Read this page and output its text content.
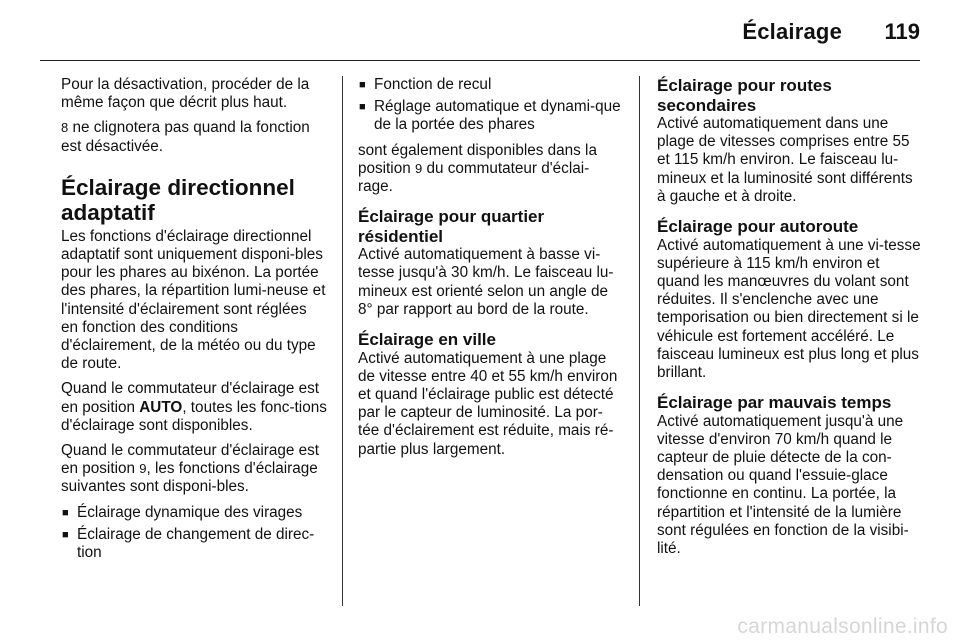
Éclairage 119

Pour la désactivation, procéder de la même façon que décrit plus haut.

8 ne clignotera pas quand la fonction est désactivée.

Éclairage directionnel adaptatif

Les fonctions d'éclairage directionnel adaptatif sont uniquement disponi-bles pour les phares au bixénon. La portée des phares, la répartition lumi-neuse et l'intensité d'éclairement sont réglées en fonction des conditions d'éclairement, de la météo ou du type de route.

Quand le commutateur d'éclairage est en position AUTO, toutes les fonc-tions d'éclairage sont disponibles.

Quand le commutateur d'éclairage est en position 9, les fonctions d'éclairage suivantes sont disponi-bles.

■ Éclairage dynamique des virages
■ Éclairage de changement de direc-tion
■ Fonction de recul
■ Réglage automatique et dynami-que de la portée des phares

sont également disponibles dans la position 9 du commutateur d'éclai-rage.

Éclairage pour quartier résidentiel

Activé automatiquement à basse vi-tesse jusqu'à 30 km/h. Le faisceau lu-mineux est orienté selon un angle de 8° par rapport au bord de la route.

Éclairage en ville

Activé automatiquement à une plage de vitesse entre 40 et 55 km/h environ et quand l'éclairage public est détecté par le capteur de luminosité. La por-tée d'éclairement est réduite, mais ré-partie plus largement.

Éclairage pour routes secondaires

Activé automatiquement dans une plage de vitesses comprises entre 55 et 115 km/h environ. Le faisceau lu-mineux et la luminosité sont différents à gauche et à droite.

Éclairage pour autoroute

Activé automatiquement à une vi-tesse supérieure à 115 km/h environ et quand les manœuvres du volant sont réduites. Il s'enclenche avec une temporisation ou bien directement si le véhicule est fortement accéléré. Le faisceau lumineux est plus long et plus brillant.

Éclairage par mauvais temps

Activé automatiquement jusqu'à une vitesse d'environ 70 km/h quand le capteur de pluie détecte de la con-densation ou quand l'essuie-glace fonctionne en continu. La portée, la répartition et l'intensité de la lumière sont régulées en fonction de la visibi-lité.

carmanualsonline.info
